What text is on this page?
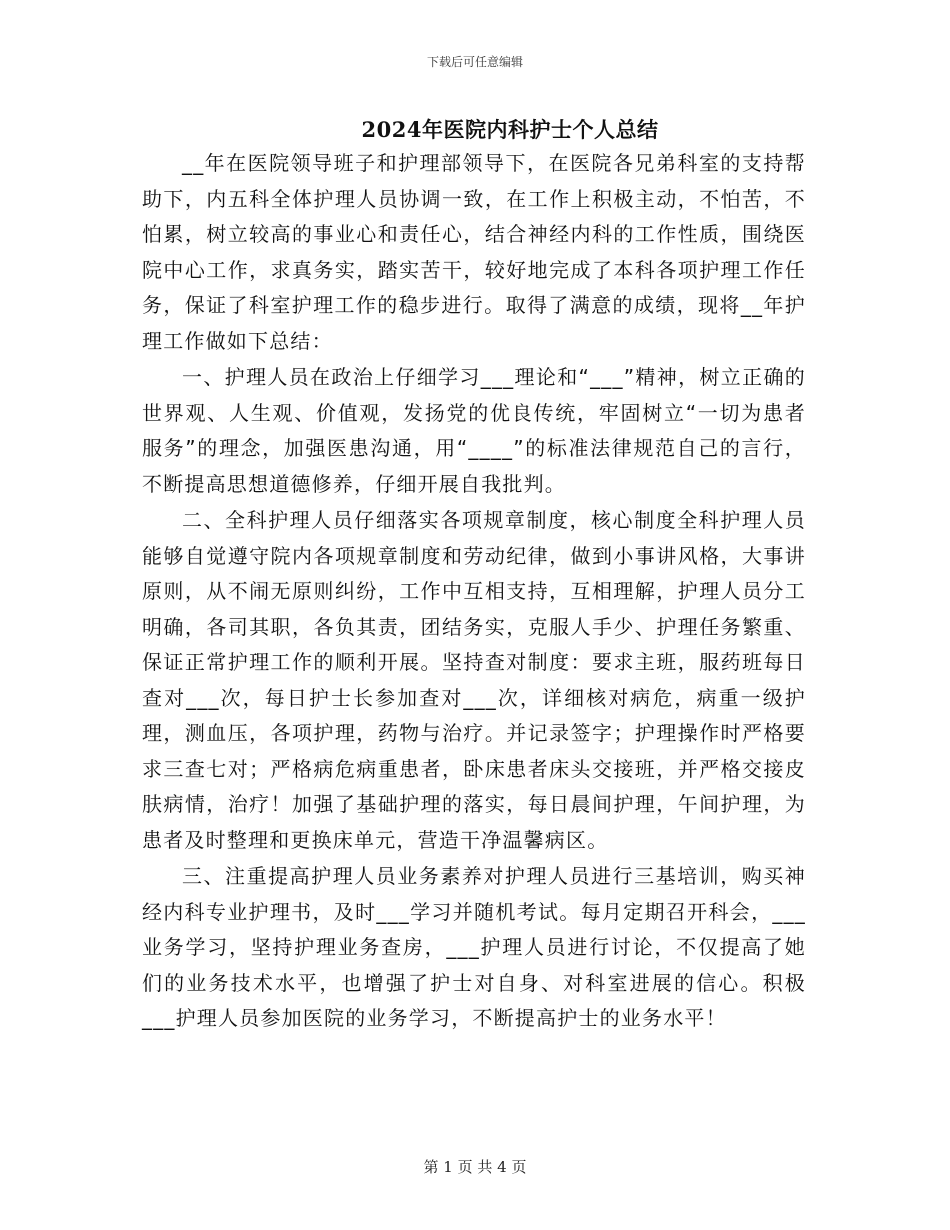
下载后可任意编辑
2024年医院内科护士个人总结

__年在医院领导班子和护理部领导下，在医院各兄弟科室的支持帮助下，内五科全体护理人员协调一致，在工作上积极主动，不怕苦，不怕累，树立较高的事业心和责任心，结合神经内科的工作性质，围绕医院中心工作，求真务实，踏实苦干，较好地完成了本科各项护理工作任务，保证了科室护理工作的稳步进行。取得了满意的成绩，现将__年护理工作做如下总结：

一、护理人员在政治上仔细学习___理论和“___”精神，树立正确的世界观、人生观、价值观，发扬党的优良传统，牢固树立“一切为患者服务”的理念，加强医患沟通，用“____”的标准法律规范自己的言行，不断提高思想道德修养，仔细开展自我批判。

二、全科护理人员仔细落实各项规章制度，核心制度全科护理人员能够自觉遵守院内各项规章制度和劳动纪律，做到小事讲风格，大事讲原则，从不闹无原则纠纷，工作中互相支持，互相理解，护理人员分工明确，各司其职，各负其责，团结务实，克服人手少、护理任务繁重、保证正常护理工作的顺利开展。坚持查对制度：要求主班，服药班每日查对___次，每日护士长参加查对___次，详细核对病危，病重一级护理，测血压，各项护理，药物与治疗。并记录签字；护理操作时严格要求三查七对；严格病危病重患者，卧床患者床头交接班，并严格交接皮肤病情，治疗！加强了基础护理的落实，每日晨间护理，午间护理，为患者及时整理和更换床单元，营造干净温馨病区。

三、注重提高护理人员业务素养对护理人员进行三基培训，购买神经内科专业护理书，及时___学习并随机考试。每月定期召开科会，___业务学习，坚持护理业务查房，___护理人员进行讨论，不仅提高了她们的业务技术水平，也增强了护士对自身、对科室进展的信心。积极___护理人员参加医院的业务学习，不断提高护士的业务水平！

第 1 页 共 4 页
